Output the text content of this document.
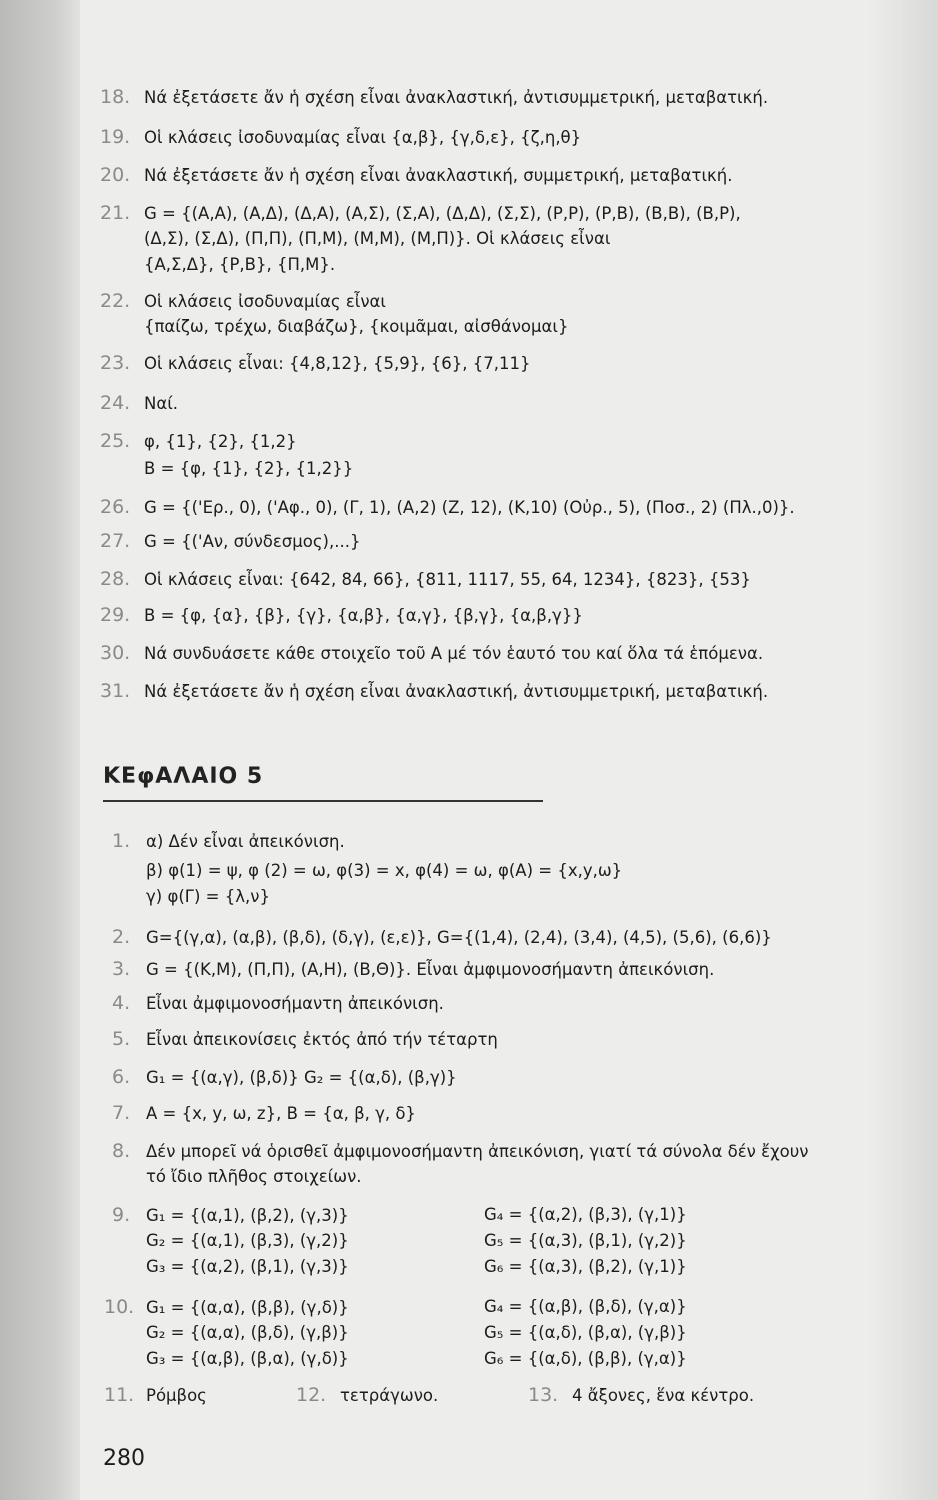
18. Νά ἐξετάσετε ἄν ἡ σχέση εἶναι ἀνακλαστική, ἀντισυμμετρική, μεταβατική.
19. Οἱ κλάσεις ἰσοδυναμίας εἶναι {α,β}, {γ,δ,ε}, {ζ,η,θ}
20. Νά ἐξετάσετε ἄν ἡ σχέση εἶναι ἀνακλαστική, συμμετρική, μεταβατική.
21. G = {(Α,Α), (Α,Δ), (Δ,Α), (Α,Σ), (Σ,Α), (Δ,Δ), (Σ,Σ), (Ρ,Ρ), (Ρ,Β), (Β,Β), (Β,Ρ),
(Δ,Σ), (Σ,Δ), (Π,Π), (Π,Μ), (Μ,Μ), (Μ,Π)}. Οἱ κλάσεις εἶναι
{Α,Σ,Δ}, {Ρ,Β}, {Π,Μ}.
22. Οἱ κλάσεις ἰσοδυναμίας εἶναι
{παίζω, τρέχω, διαβάζω}, {κοιμᾶμαι, αἰσθάνομαι}
23. Οἱ κλάσεις εἶναι: {4,8,12}, {5,9}, {6}, {7,11}
24. Ναί.
25. φ, {1}, {2}, {1,2}
B = {φ, {1}, {2}, {1,2}}
26. G = {('Ερ., 0), ('Αφ., 0), (Γ, 1), (Α,2) (Ζ, 12), (Κ,10) (Οὐρ., 5), (Ποσ., 2) (Πλ.,0)}.
27. G = {('Αν, σύνδεσμος),...}
28. Οἱ κλάσεις εἶναι: {642, 84, 66}, {811, 1117, 55, 64, 1234}, {823}, {53}
29. B = {φ, {α}, {β}, {γ}, {α,β}, {α,γ}, {β,γ}, {α,β,γ}}
30. Νά συνδυάσετε κάθε στοιχεῖο τοῦ Α μέ τόν ἑαυτό του καί ὅλα τά ἑπόμενα.
31. Νά ἐξετάσετε ἄν ἡ σχέση εἶναι ἀνακλαστική, ἀντισυμμετρική, μεταβατική.
ΚΕφΑΛΑΙΟ 5
1. α) Δέν εἶναι ἀπεικόνιση.
β) φ(1) = ψ, φ (2) = ω, φ(3) = x, φ(4) = ω, φ(A) = {x,y,ω}
γ) φ(Γ) = {λ,ν}
2. G={(γ,α), (α,β), (β,δ), (δ,γ), (ε,ε)}, G={(1,4), (2,4), (3,4), (4,5), (5,6), (6,6)}
3. G = {(Κ,Μ), (Π,Π), (Α,Η), (Β,Θ)}. Εἶναι ἀμφιμονοσήμαντη ἀπεικόνιση.
4. Εἶναι ἀμφιμονοσήμαντη ἀπεικόνιση.
5. Εἶναι ἀπεικονίσεις ἐκτός ἀπό τήν τέταρτη
6. G₁ = {(α,γ), (β,δ)} G₂ = {(α,δ), (β,γ)}
7. A = {x, y, ω, z}, B = {α, β, γ, δ}
8. Δέν μπορεῖ νά ὁρισθεῖ ἀμφιμονοσήμαντη ἀπεικόνιση, γιατί τά σύνολα δέν ἔχουν
τό ἴδιο πλῆθος στοιχείων.
9. G₁ = {(α,1), (β,2), (γ,3)}
G₂ = {(α,1), (β,3), (γ,2)}
G₃ = {(α,2), (β,1), (γ,3)}
G₄ = {(α,2), (β,3), (γ,1)}
G₅ = {(α,3), (β,1), (γ,2)}
G₆ = {(α,3), (β,2), (γ,1)}
10. G₁ = {(α,α), (β,β), (γ,δ)}
G₂ = {(α,α), (β,δ), (γ,β)}
G₃ = {(α,β), (β,α), (γ,δ)}
G₄ = {(α,β), (β,δ), (γ,α)}
G₅ = {(α,δ), (β,α), (γ,β)}
G₆ = {(α,δ), (β,β), (γ,α)}
11. Ρόμβος	12. τετράγωνο.	13. 4 ἄξονες, ἕνα κέντρο.
280
